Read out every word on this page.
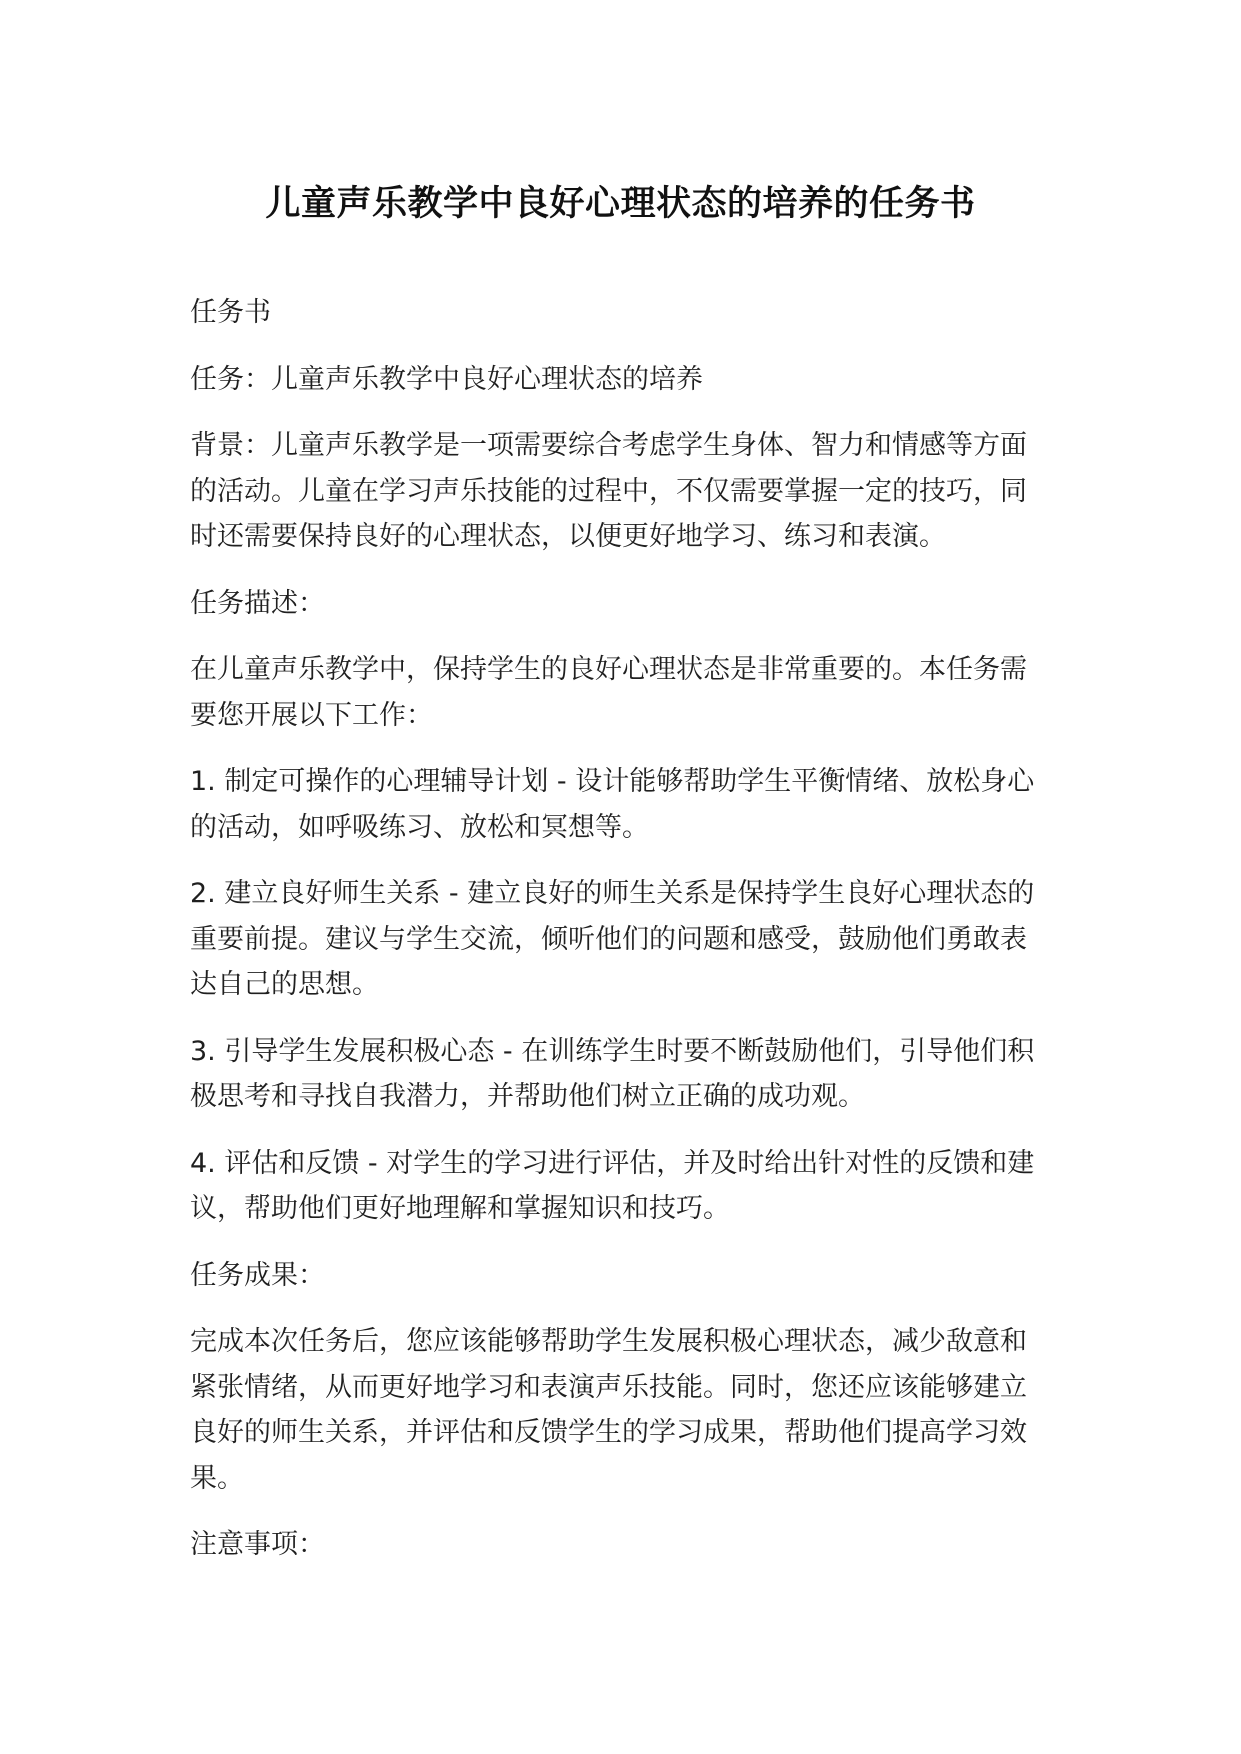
儿童声乐教学中良好心理状态的培养的任务书

任务书

任务：儿童声乐教学中良好心理状态的培养

背景：儿童声乐教学是一项需要综合考虑学生身体、智力和情感等方面的活动。儿童在学习声乐技能的过程中，不仅需要掌握一定的技巧，同时还需要保持良好的心理状态，以便更好地学习、练习和表演。

任务描述：

在儿童声乐教学中，保持学生的良好心理状态是非常重要的。本任务需要您开展以下工作：

1. 制定可操作的心理辅导计划 - 设计能够帮助学生平衡情绪、放松身心的活动，如呼吸练习、放松和冥想等。

2. 建立良好师生关系 - 建立良好的师生关系是保持学生良好心理状态的重要前提。建议与学生交流，倾听他们的问题和感受，鼓励他们勇敢表达自己的思想。

3. 引导学生发展积极心态 - 在训练学生时要不断鼓励他们，引导他们积极思考和寻找自我潜力，并帮助他们树立正确的成功观。

4. 评估和反馈 - 对学生的学习进行评估，并及时给出针对性的反馈和建议，帮助他们更好地理解和掌握知识和技巧。

任务成果：

完成本次任务后，您应该能够帮助学生发展积极心理状态，减少敌意和紧张情绪，从而更好地学习和表演声乐技能。同时，您还应该能够建立良好的师生关系，并评估和反馈学生的学习成果，帮助他们提高学习效果。

注意事项：
